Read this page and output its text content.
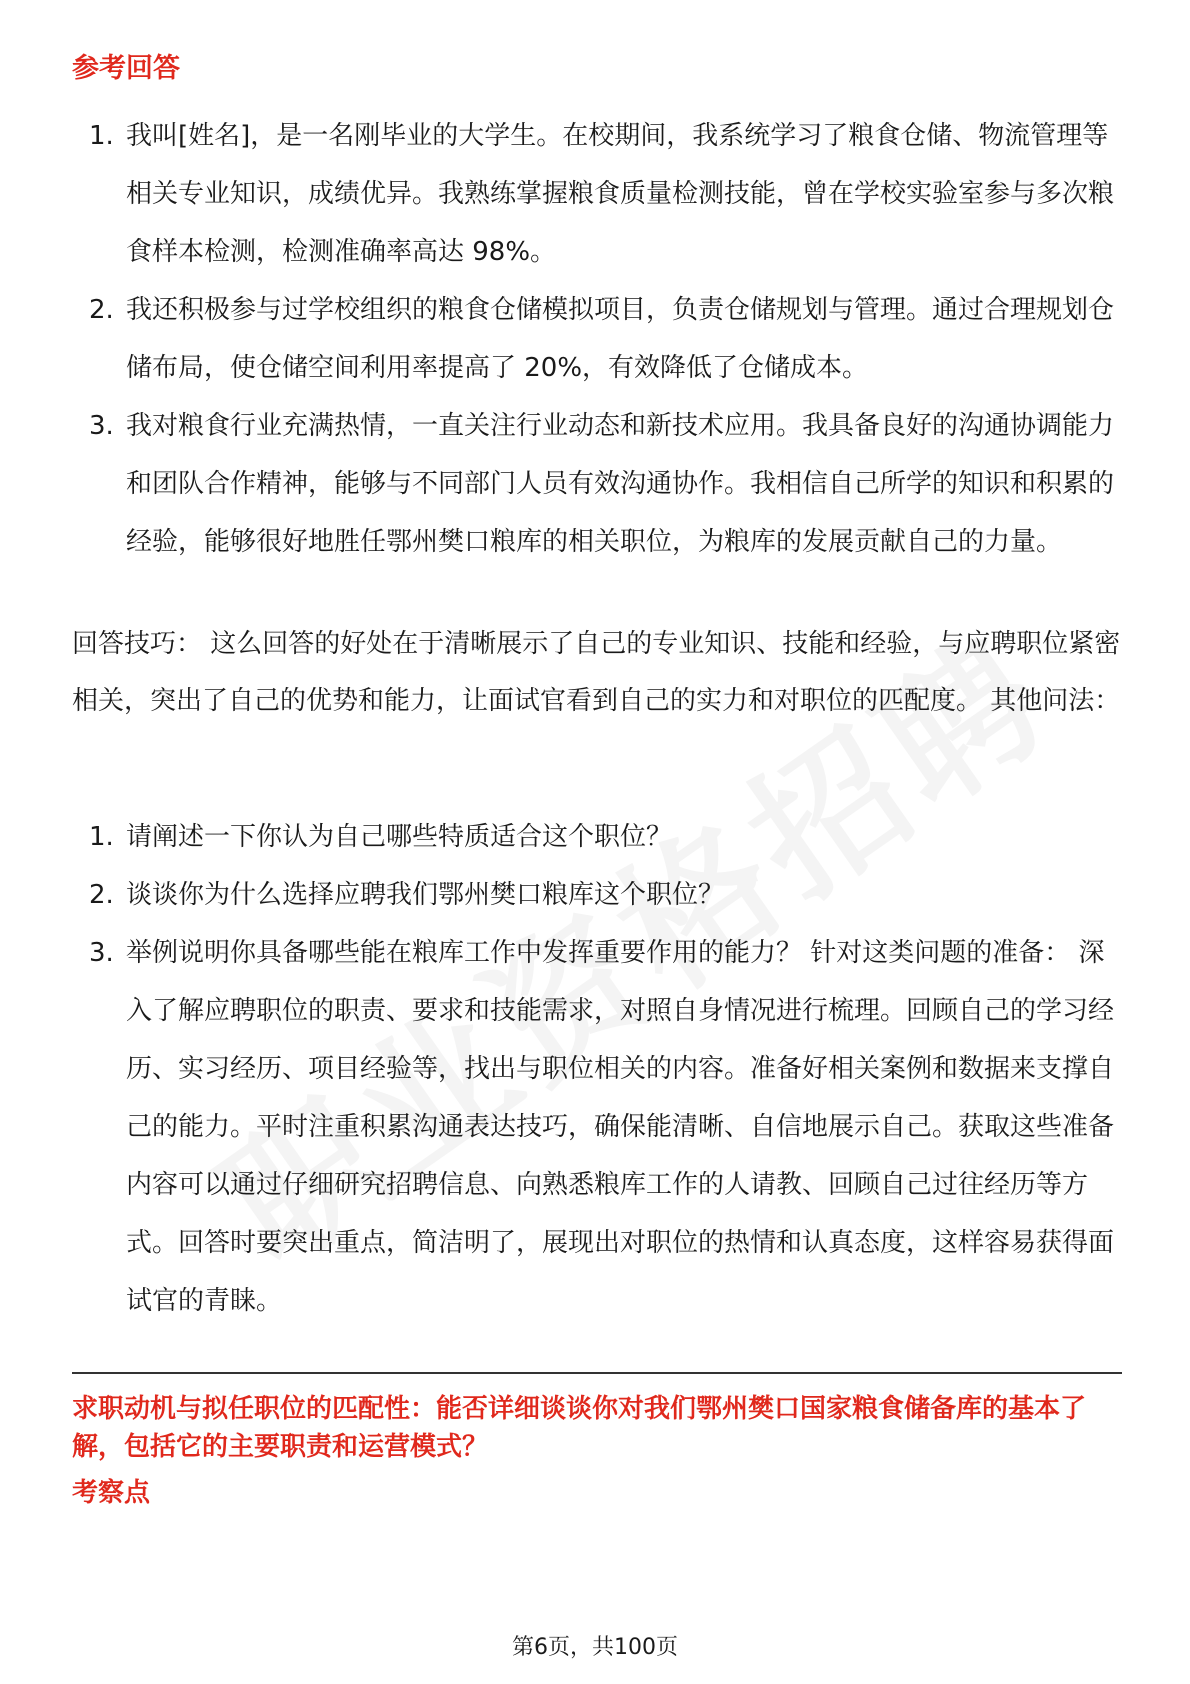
参考回答
1. 我叫[姓名]，是一名刚毕业的大学生。在校期间，我系统学习了粮食仓储、物流管理等相关专业知识，成绩优异。我熟练掌握粮食质量检测技能，曾在学校实验室参与多次粮食样本检测，检测准确率高达 98%。
2. 我还积极参与过学校组织的粮食仓储模拟项目，负责仓储规划与管理。通过合理规划仓储布局，使仓储空间利用率提高了 20%，有效降低了仓储成本。
3. 我对粮食行业充满热情，一直关注行业动态和新技术应用。我具备良好的沟通协调能力和团队合作精神，能够与不同部门人员有效沟通协作。我相信自己所学的知识和积累的经验，能够很好地胜任鄂州樊口粮库的相关职位，为粮库的发展贡献自己的力量。
回答技巧： 这么回答的好处在于清晰展示了自己的专业知识、技能和经验，与应聘职位紧密相关，突出了自己的优势和能力，让面试官看到自己的实力和对职位的匹配度。 其他问法：
1. 请阐述一下你认为自己哪些特质适合这个职位？
2. 谈谈你为什么选择应聘我们鄂州樊口粮库这个职位？
3. 举例说明你具备哪些能在粮库工作中发挥重要作用的能力？ 针对这类问题的准备： 深入了解应聘职位的职责、要求和技能需求，对照自身情况进行梳理。回顾自己的学习经历、实习经历、项目经验等，找出与职位相关的内容。准备好相关案例和数据来支撑自己的能力。平时注重积累沟通表达技巧，确保能清晰、自信地展示自己。获取这些准备内容可以通过仔细研究招聘信息、向熟悉粮库工作的人请教、回顾自己过往经历等方式。回答时要突出重点，简洁明了，展现出对职位的热情和认真态度，这样容易获得面试官的青睐。
求职动机与拟任职位的匹配性：能否详细谈谈你对我们鄂州樊口国家粮食储备库的基本了解，包括它的主要职责和运营模式？
考察点
第6页，共100页
